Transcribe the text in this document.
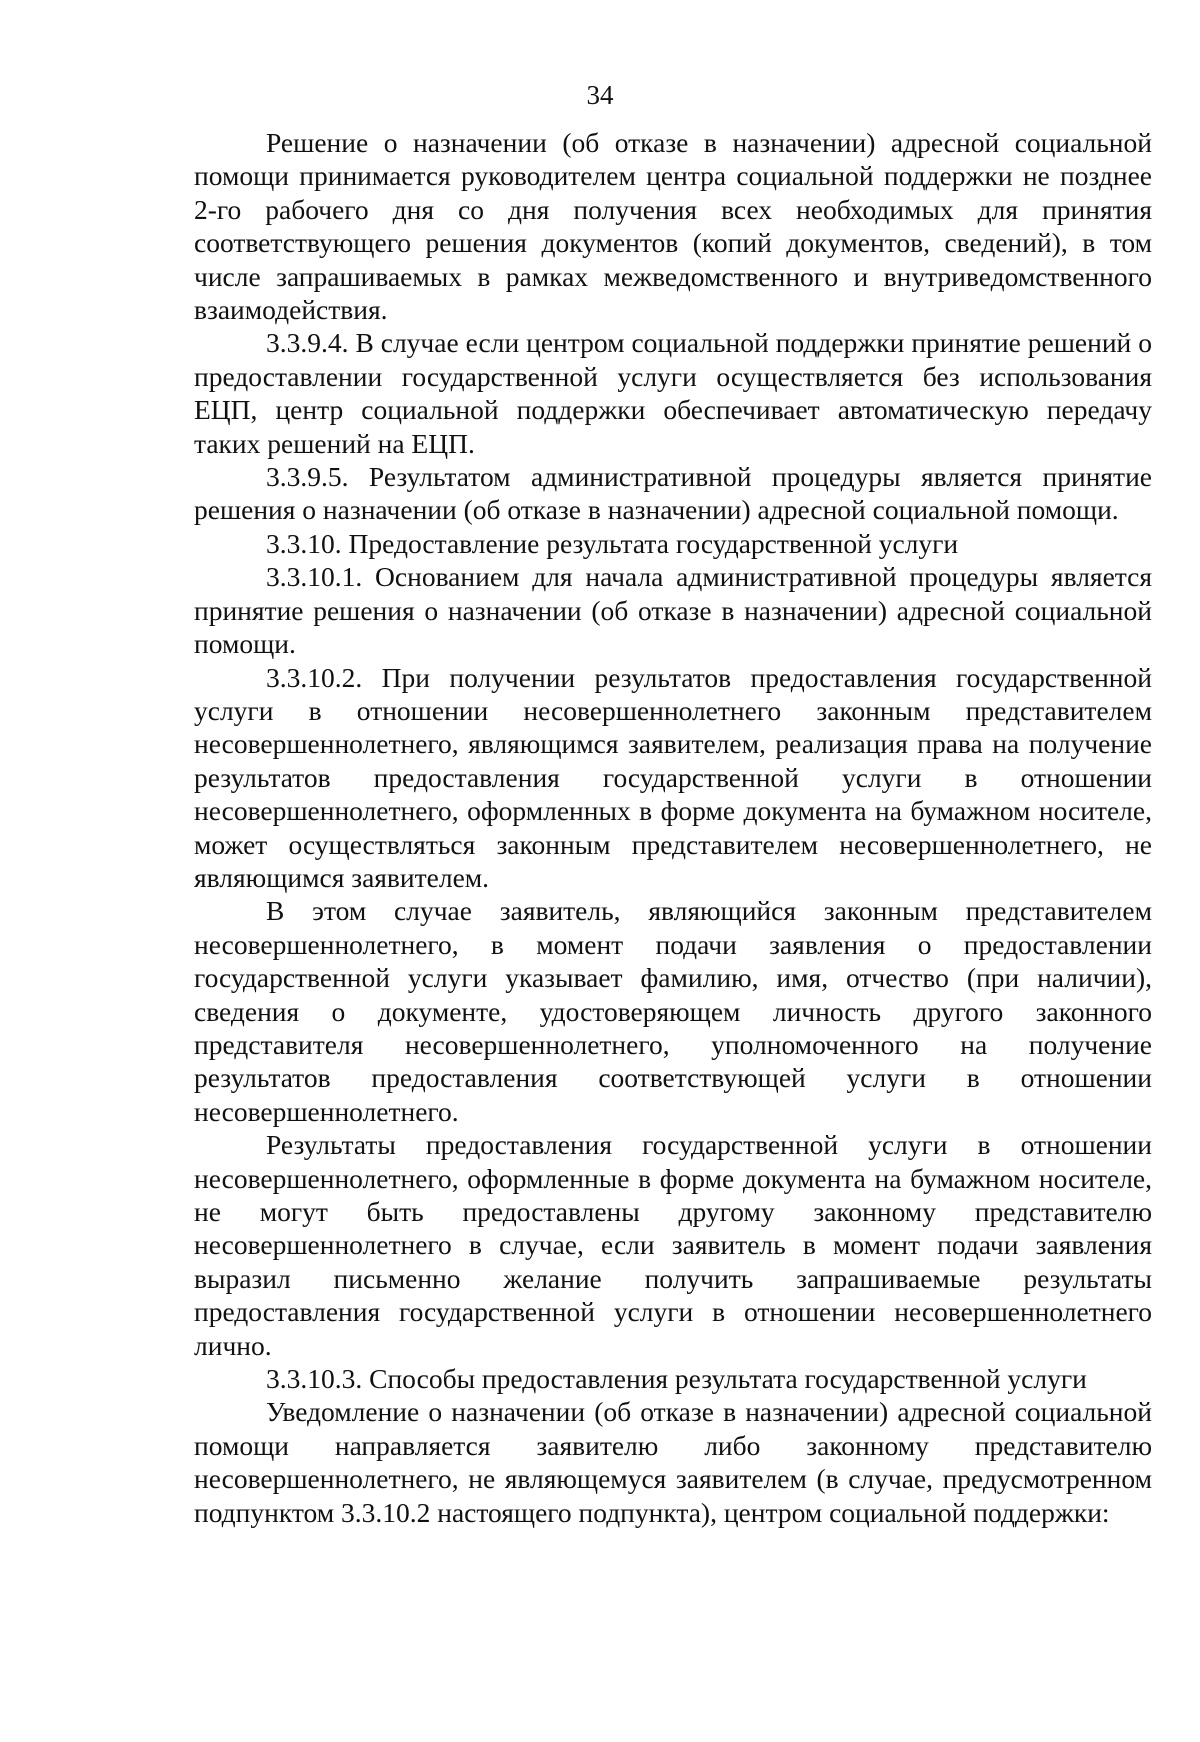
34

Решение о назначении (об отказе в назначении) адресной социальной помощи принимается руководителем центра социальной поддержки не позднее 2-го рабочего дня со дня получения всех необходимых для принятия соответствующего решения документов (копий документов, сведений), в том числе запрашиваемых в рамках межведомственного и внутриведомственного взаимодействия.

3.3.9.4. В случае если центром социальной поддержки принятие решений о предоставлении государственной услуги осуществляется без использования ЕЦП, центр социальной поддержки обеспечивает автоматическую передачу таких решений на ЕЦП.

3.3.9.5. Результатом административной процедуры является принятие решения о назначении (об отказе в назначении) адресной социальной помощи.

3.3.10. Предоставление результата государственной услуги

3.3.10.1. Основанием для начала административной процедуры является принятие решения о назначении (об отказе в назначении) адресной социальной помощи.

3.3.10.2. При получении результатов предоставления государственной услуги в отношении несовершеннолетнего законным представителем несовершеннолетнего, являющимся заявителем, реализация права на получение результатов предоставления государственной услуги в отношении несовершеннолетнего, оформленных в форме документа на бумажном носителе, может осуществляться законным представителем несовершеннолетнего, не являющимся заявителем.

В этом случае заявитель, являющийся законным представителем несовершеннолетнего, в момент подачи заявления о предоставлении государственной услуги указывает фамилию, имя, отчество (при наличии), сведения о документе, удостоверяющем личность другого законного представителя несовершеннолетнего, уполномоченного на получение результатов предоставления соответствующей услуги в отношении несовершеннолетнего.

Результаты предоставления государственной услуги в отношении несовершеннолетнего, оформленные в форме документа на бумажном носителе, не могут быть предоставлены другому законному представителю несовершеннолетнего в случае, если заявитель в момент подачи заявления выразил письменно желание получить запрашиваемые результаты предоставления государственной услуги в отношении несовершеннолетнего лично.

3.3.10.3. Способы предоставления результата государственной услуги

Уведомление о назначении (об отказе в назначении) адресной социальной помощи направляется заявителю либо законному представителю несовершеннолетнего, не являющемуся заявителем (в случае, предусмотренном подпунктом 3.3.10.2 настоящего подпункта), центром социальной поддержки:
